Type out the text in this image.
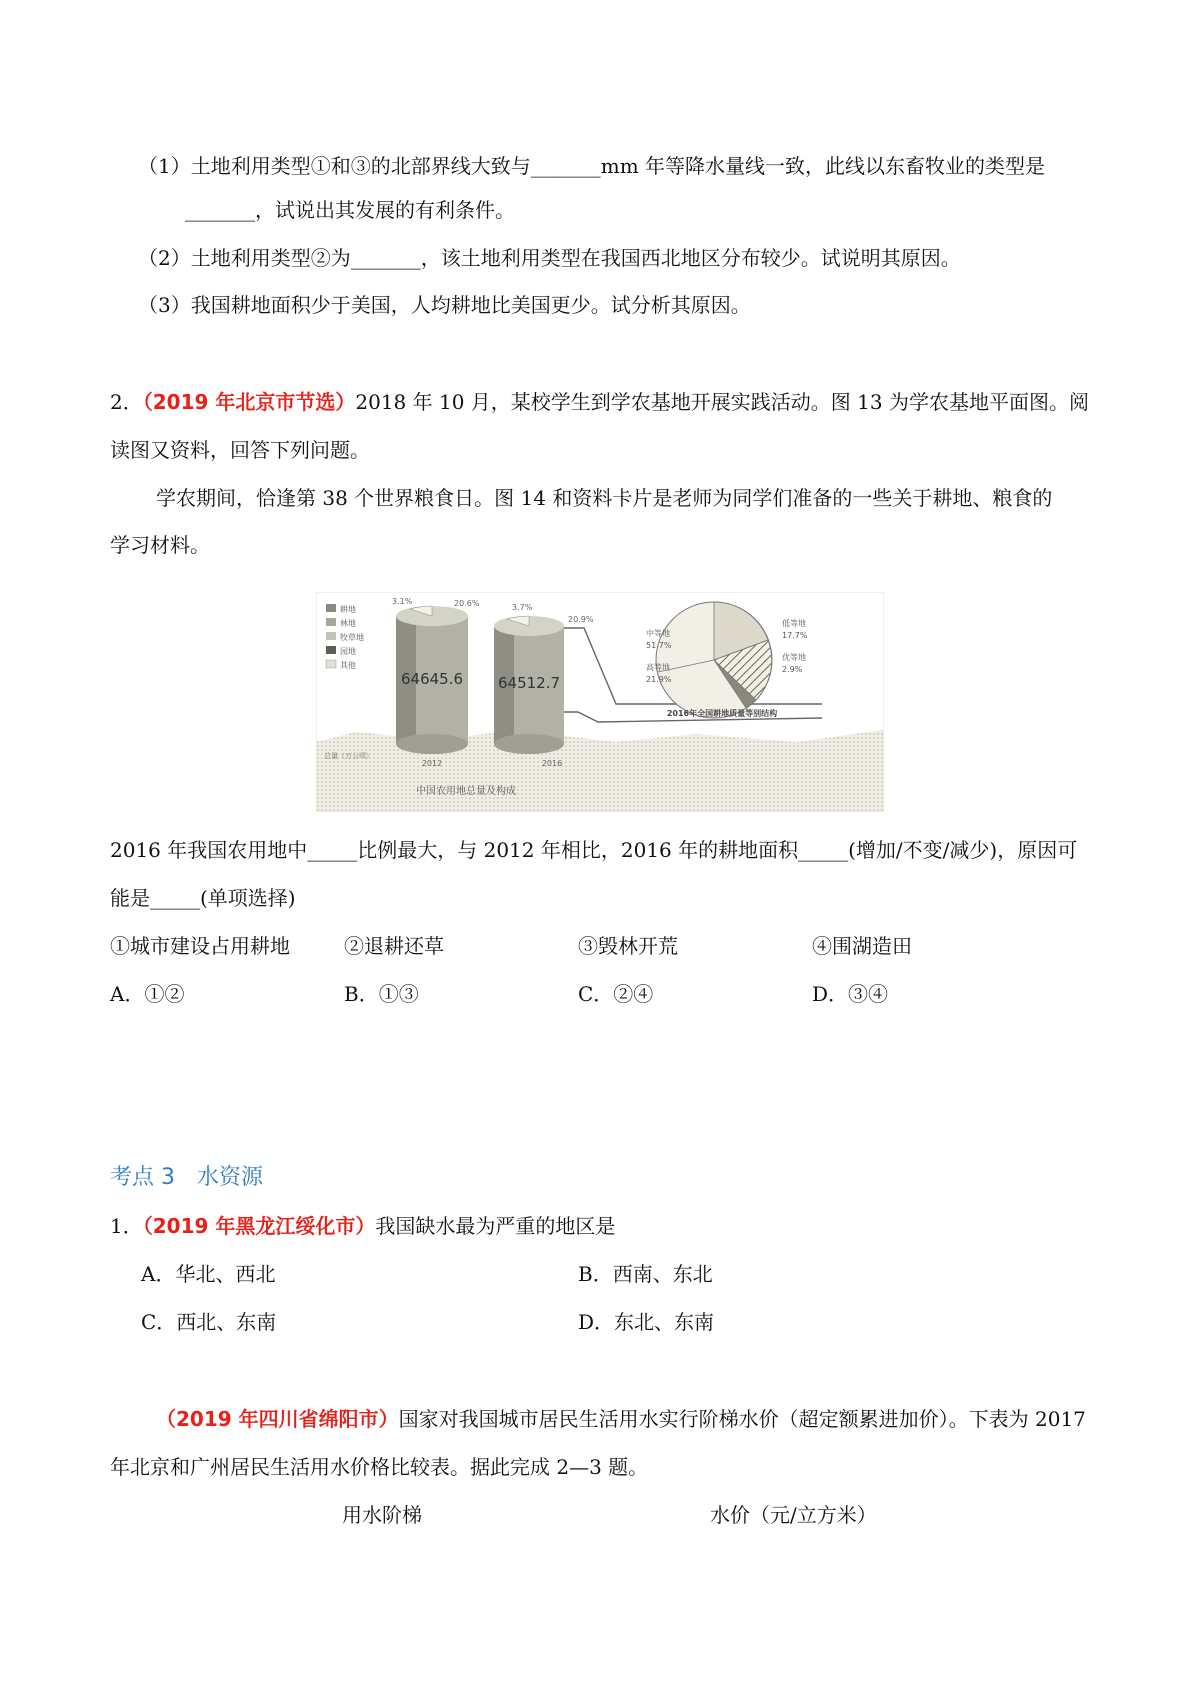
（1）土地利用类型①和③的北部界线大致与_______mm 年等降水量线一致，此线以东畜牧业的类型是
_______，试说出其发展的有利条件。
（2）土地利用类型②为_______，该土地利用类型在我国西北地区分布较少。试说明其原因。
（3）我国耕地面积少于美国，人均耕地比美国更少。试分析其原因。
2．（2019 年北京市节选）2018 年 10 月，某校学生到学农基地开展实践活动。图 13 为学农基地平面图。阅
读图又资料，回答下列问题。
学农期间，恰逢第 38 个世界粮食日。图 14 和资料卡片是老师为同学们准备的一些关于耕地、粮食的
学习材料。
耕地
林地
牧草地
园地
其他
64645.6
2012
3.1%	20.6%
64512.7
2016
3.7%
20.9%
总量（万公顷）
中等地
51.7%
高等地
21.9%
低等地
17.7%
优等地
2.9%
2016年全国耕地质量等别结构
中国农用地总量及构成
2016 年我国农用地中_____比例最大，与 2012 年相比，2016 年的耕地面积_____(增加/不变/减少)，原因可
能是_____(单项选择)
①城市建设占用耕地	②退耕还草	③毁林开荒	④围湖造田
A．①②	B．①③	C．②④	D．③④
考点 3　水资源
1．（2019 年黑龙江绥化市）我国缺水最为严重的地区是
A．华北、西北	B．西南、东北
C．西北、东南	D．东北、东南
（2019 年四川省绵阳市）国家对我国城市居民生活用水实行阶梯水价（超定额累进加价）。下表为 2017
年北京和广州居民生活用水价格比较表。据此完成 2—3 题。
用水阶梯	水价（元/立方米）
